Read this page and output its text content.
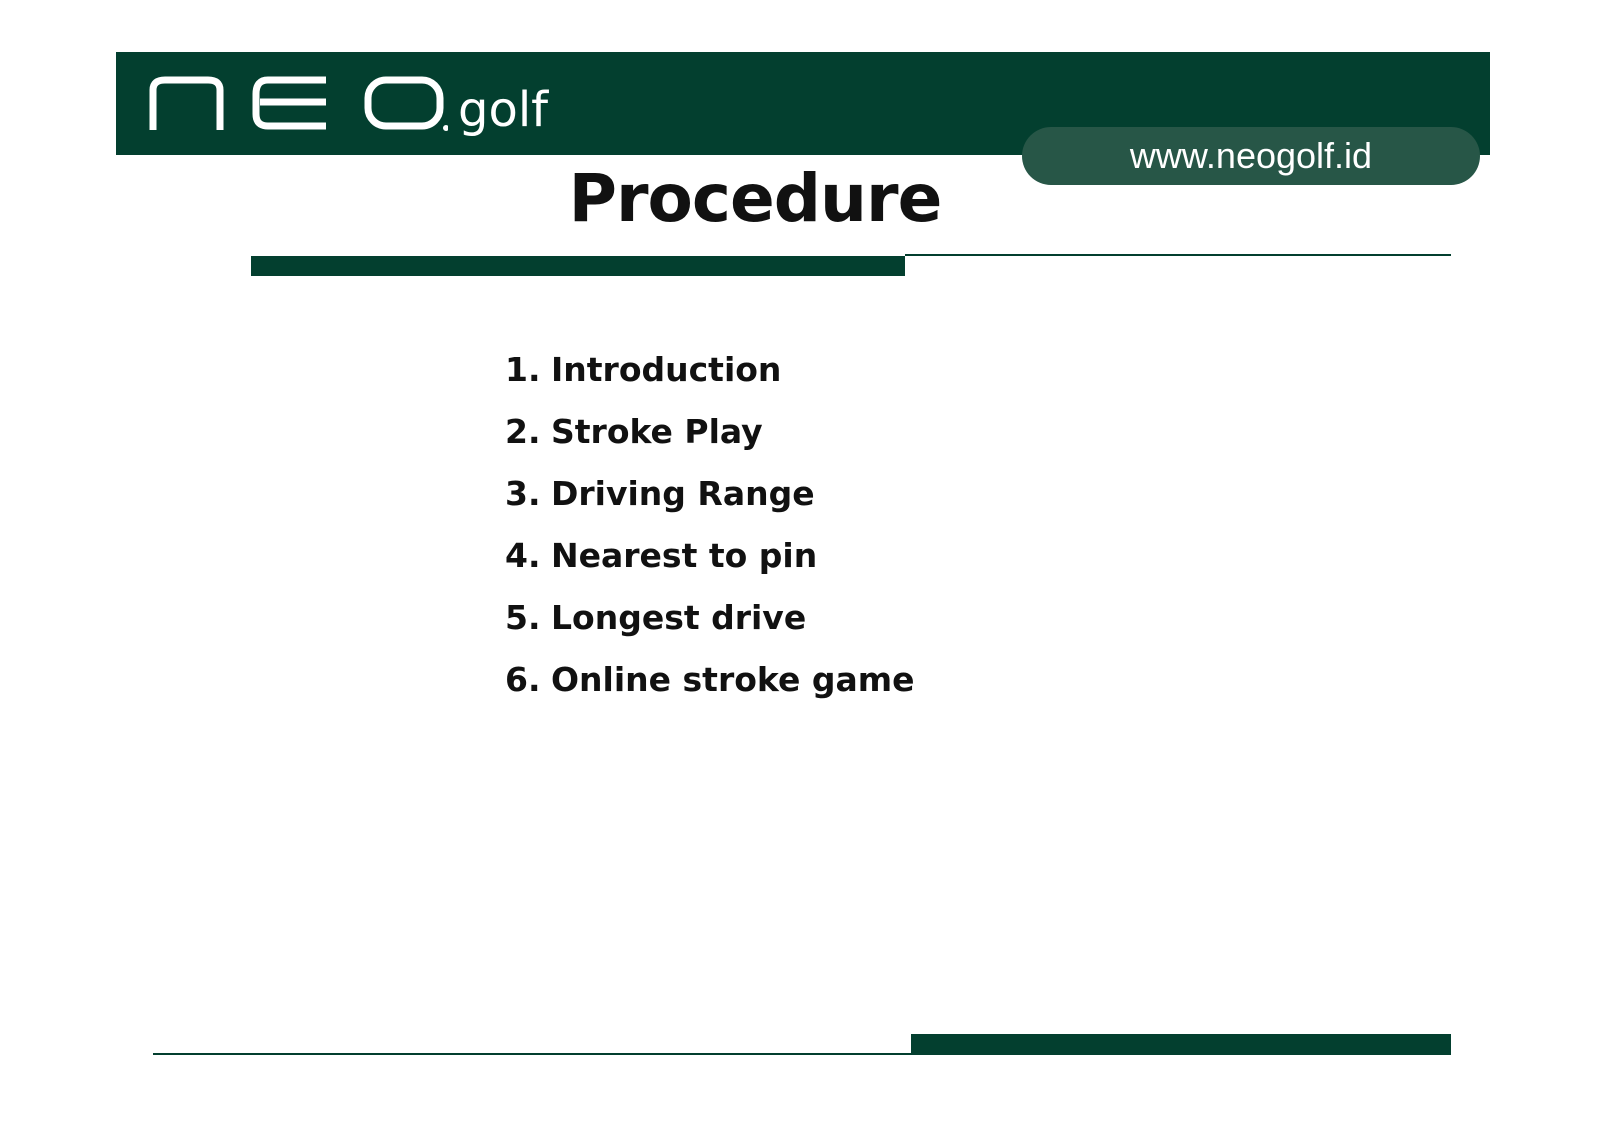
golf
www.neogolf.id
Procedure
1. Introduction
2. Stroke Play
3. Driving Range
4. Nearest to pin
5. Longest drive
6. Online stroke game
